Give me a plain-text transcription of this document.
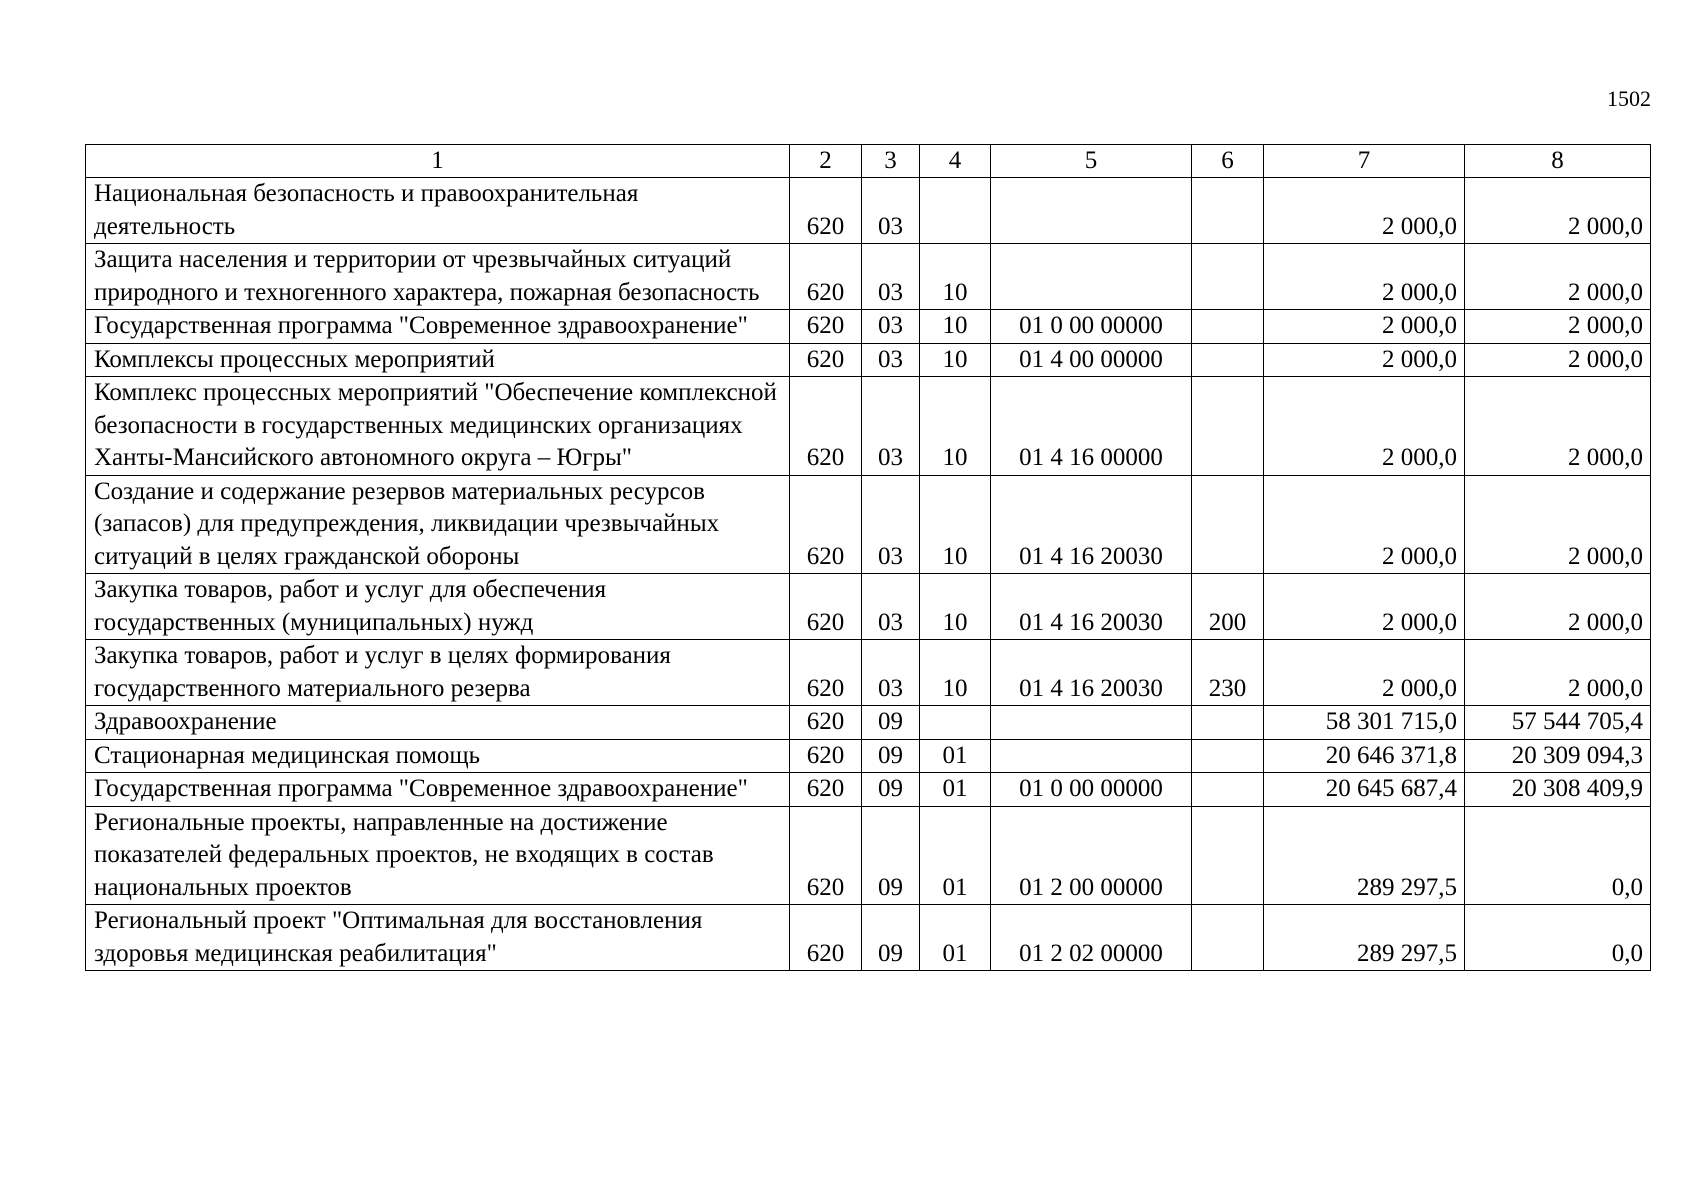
1502
1	2	3	4	5	6	7	8
Национальная безопасность и правоохранительная деятельность	620	03				2 000,0	2 000,0
Защита населения и территории от чрезвычайных ситуаций природного и техногенного характера, пожарная безопасность	620	03	10			2 000,0	2 000,0
Государственная программа "Современное здравоохранение"	620	03	10	01 0 00 00000		2 000,0	2 000,0
Комплексы процессных мероприятий	620	03	10	01 4 00 00000		2 000,0	2 000,0
Комплекс процессных мероприятий "Обеспечение комплексной безопасности в государственных медицинских организациях Ханты-Мансийского автономного округа – Югры"	620	03	10	01 4 16 00000		2 000,0	2 000,0
Создание и содержание резервов материальных ресурсов (запасов) для предупреждения, ликвидации чрезвычайных ситуаций в целях гражданской обороны	620	03	10	01 4 16 20030		2 000,0	2 000,0
Закупка товаров, работ и услуг для обеспечения государственных (муниципальных) нужд	620	03	10	01 4 16 20030	200	2 000,0	2 000,0
Закупка товаров, работ и услуг в целях формирования государственного материального резерва	620	03	10	01 4 16 20030	230	2 000,0	2 000,0
Здравоохранение	620	09				58 301 715,0	57 544 705,4
Стационарная медицинская помощь	620	09	01			20 646 371,8	20 309 094,3
Государственная программа "Современное здравоохранение"	620	09	01	01 0 00 00000		20 645 687,4	20 308 409,9
Региональные проекты, направленные на достижение показателей федеральных проектов, не входящих в состав национальных проектов	620	09	01	01 2 00 00000		289 297,5	0,0
Региональный проект "Оптимальная для восстановления здоровья медицинская реабилитация"	620	09	01	01 2 02 00000		289 297,5	0,0
